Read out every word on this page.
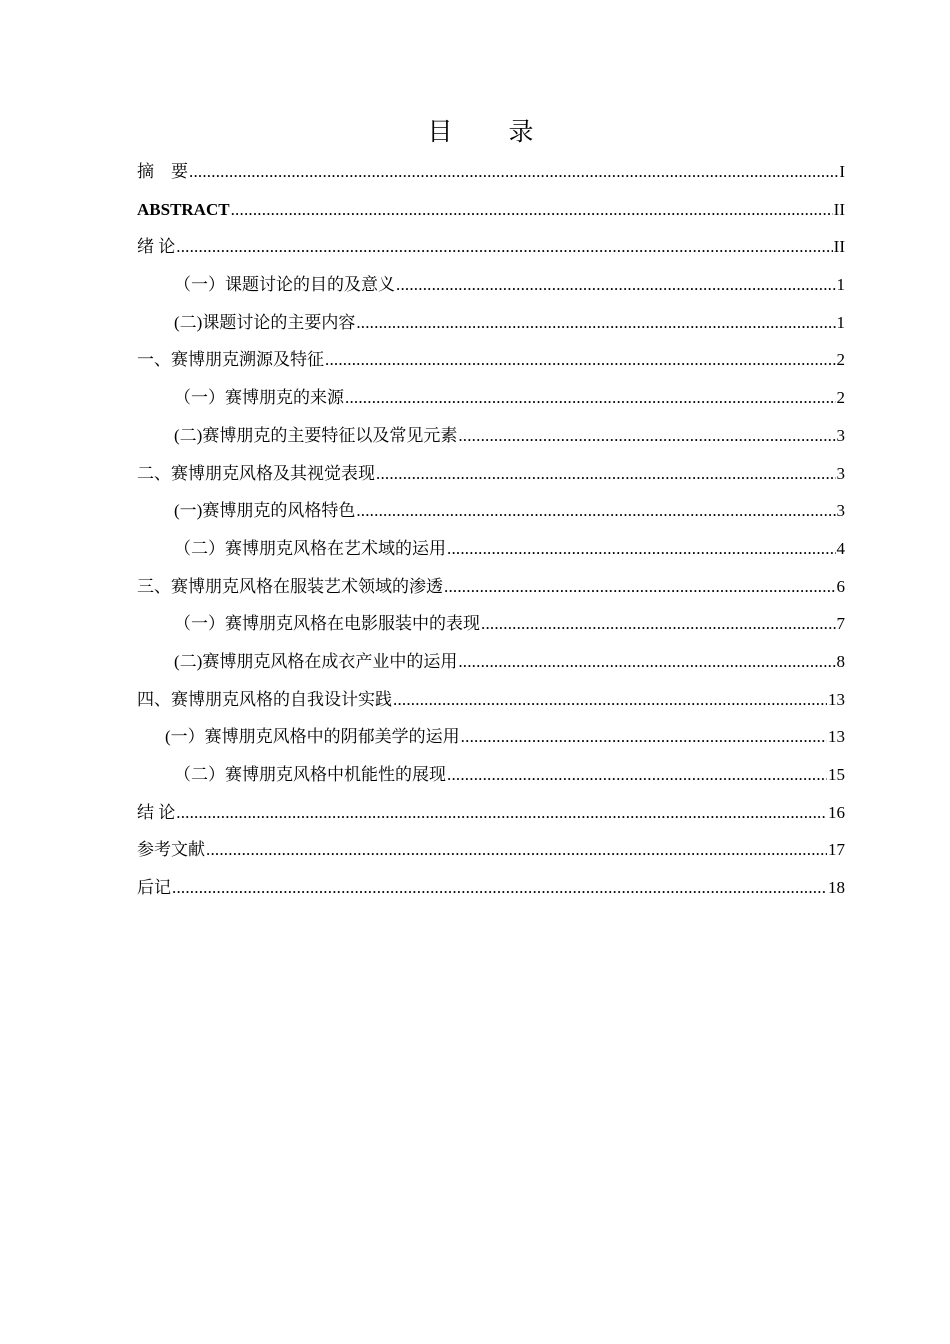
目 录
摘　要 .....	I
ABSTRACT .....	II
绪 论 .....	II
（一）课题讨论的目的及意义 .....	1
(二)课题讨论的主要内容 .....	1
一、赛博朋克溯源及特征 .....	2
（一）赛博朋克的来源 .....	2
(二)赛博朋克的主要特征以及常见元素 .....	3
二、赛博朋克风格及其视觉表现 .....	3
(一)赛博朋克的风格特色 .....	3
（二）赛博朋克风格在艺术域的运用 .....	4
三、赛博朋克风格在服装艺术领域的渗透 .....	6
（一）赛博朋克风格在电影服装中的表现 .....	7
(二)赛博朋克风格在成衣产业中的运用 .....	8
四、赛博朋克风格的自我设计实践 .....	13
(一）赛博朋克风格中的阴郁美学的运用 .....	13
（二）赛博朋克风格中机能性的展现 .....	15
结 论 .....	16
参考文献 .....	17
后记 .....	18
